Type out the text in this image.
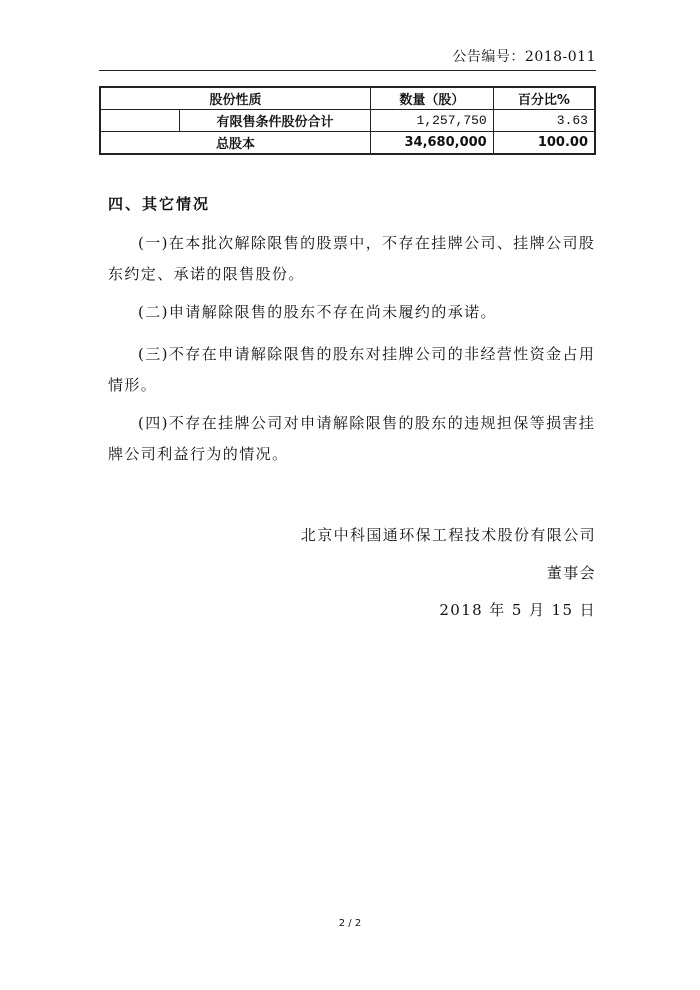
公告编号：2018-011
股份性质		数量（股）	百分比%
	有限售条件股份合计	1,257,750	3.63
总股本		34,680,000	100.00
四、其它情况

(一)在本批次解除限售的股票中，不存在挂牌公司、挂牌公司股东约定、承诺的限售股份。

(二)申请解除限售的股东不存在尚未履约的承诺。

(三)不存在申请解除限售的股东对挂牌公司的非经营性资金占用情形。

(四)不存在挂牌公司对申请解除限售的股东的违规担保等损害挂牌公司利益行为的情况。

北京中科国通环保工程技术股份有限公司
董事会
2018 年 5 月 15 日
2 / 2
